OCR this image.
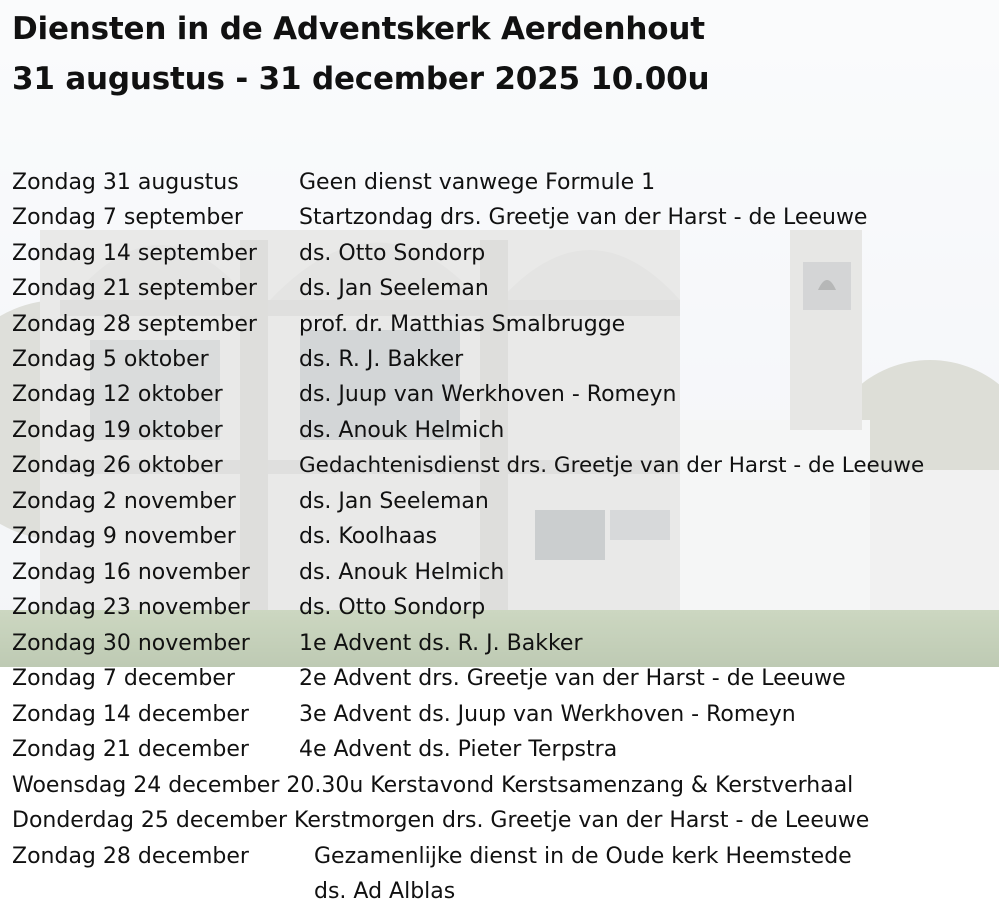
Diensten in de Adventskerk Aerdenhout
31 augustus - 31 december 2025 10.00u
Zondag 31 augustus	Geen dienst vanwege Formule 1
Zondag 7 september	Startzondag drs. Greetje van der Harst - de Leeuwe
Zondag 14 september ds. Otto Sondorp
Zondag 21 september ds. Jan Seeleman
Zondag 28 september prof. dr. Matthias Smalbrugge
Zondag 5 oktober	ds. R. J. Bakker
Zondag 12 oktober	ds. Juup van Werkhoven - Romeyn
Zondag 19 oktober	ds. Anouk Helmich
Zondag 26 oktober	Gedachtenisdienst drs. Greetje van der Harst - de Leeuwe
Zondag 2 november	ds. Jan Seeleman
Zondag 9 november	ds. Koolhaas
Zondag 16 november ds. Anouk Helmich
Zondag 23 november ds. Otto Sondorp
Zondag 30 november 1e Advent ds. R. J. Bakker
Zondag 7 december	2e Advent drs. Greetje van der Harst - de Leeuwe
Zondag 14 december 3e Advent ds. Juup van Werkhoven - Romeyn
Zondag 21 december 4e Advent ds. Pieter Terpstra
Woensdag 24 december 20.30u Kerstavond Kerstsamenzang & Kerstverhaal
Donderdag 25 december Kerstmorgen drs. Greetje van der Harst - de Leeuwe
Zondag 28 december	Gezamenlijke dienst in de Oude kerk Heemstede
ds. Ad Alblas
